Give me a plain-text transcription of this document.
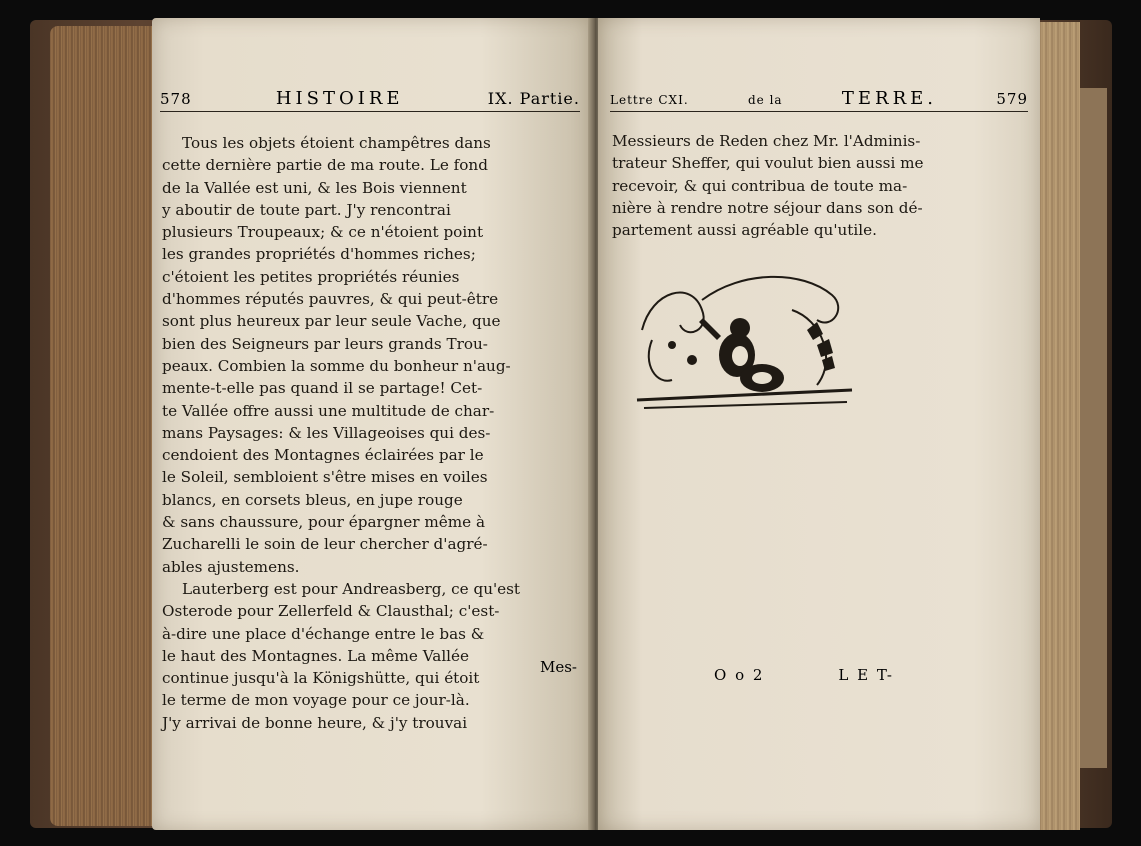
578	HISTOIRE	IX. Partie.

Tous les objets étoient champêtres dans

cette dernière partie de ma route. Le fond

de la Vallée est uni, & les Bois viennent

y aboutir de toute part. J'y rencontrai

plusieurs Troupeaux; & ce n'étoient point

les grandes propriétés d'hommes riches;

c'étoient les petites propriétés réunies

d'hommes réputés pauvres, & qui peut-être

sont plus heureux par leur seule Vache, que

bien des Seigneurs par leurs grands Trou-

peaux. Combien la somme du bonheur n'aug-

mente-t-elle pas quand il se partage! Cet-

te Vallée offre aussi une multitude de char-

mans Paysages: & les Villageoises qui des-

cendoient des Montagnes éclairées par le

le Soleil, sembloient s'être mises en voiles

blancs, en corsets bleus, en jupe rouge

& sans chaussure, pour épargner même à

Zucharelli le soin de leur chercher d'agré-

ables ajustemens.

Lauterberg est pour Andreasberg, ce qu'est

Osterode pour Zellerfeld & Clausthal; c'est-

à-dire une place d'échange entre le bas &

le haut des Montagnes. La même Vallée

continue jusqu'à la Königshütte, qui étoit

le terme de mon voyage pour ce jour-là.

J'y arrivai de bonne heure, & j'y trouvai

Mes-
Lettre CXI.	de la	TERRE.	579

Messieurs de Reden chez Mr. l'Adminis-

trateur Sheffer, qui voulut bien aussi me

recevoir, & qui contribua de toute ma-

nière à rendre notre séjour dans son dé-

partement aussi agréable qu'utile.

O o 2	L E T-
